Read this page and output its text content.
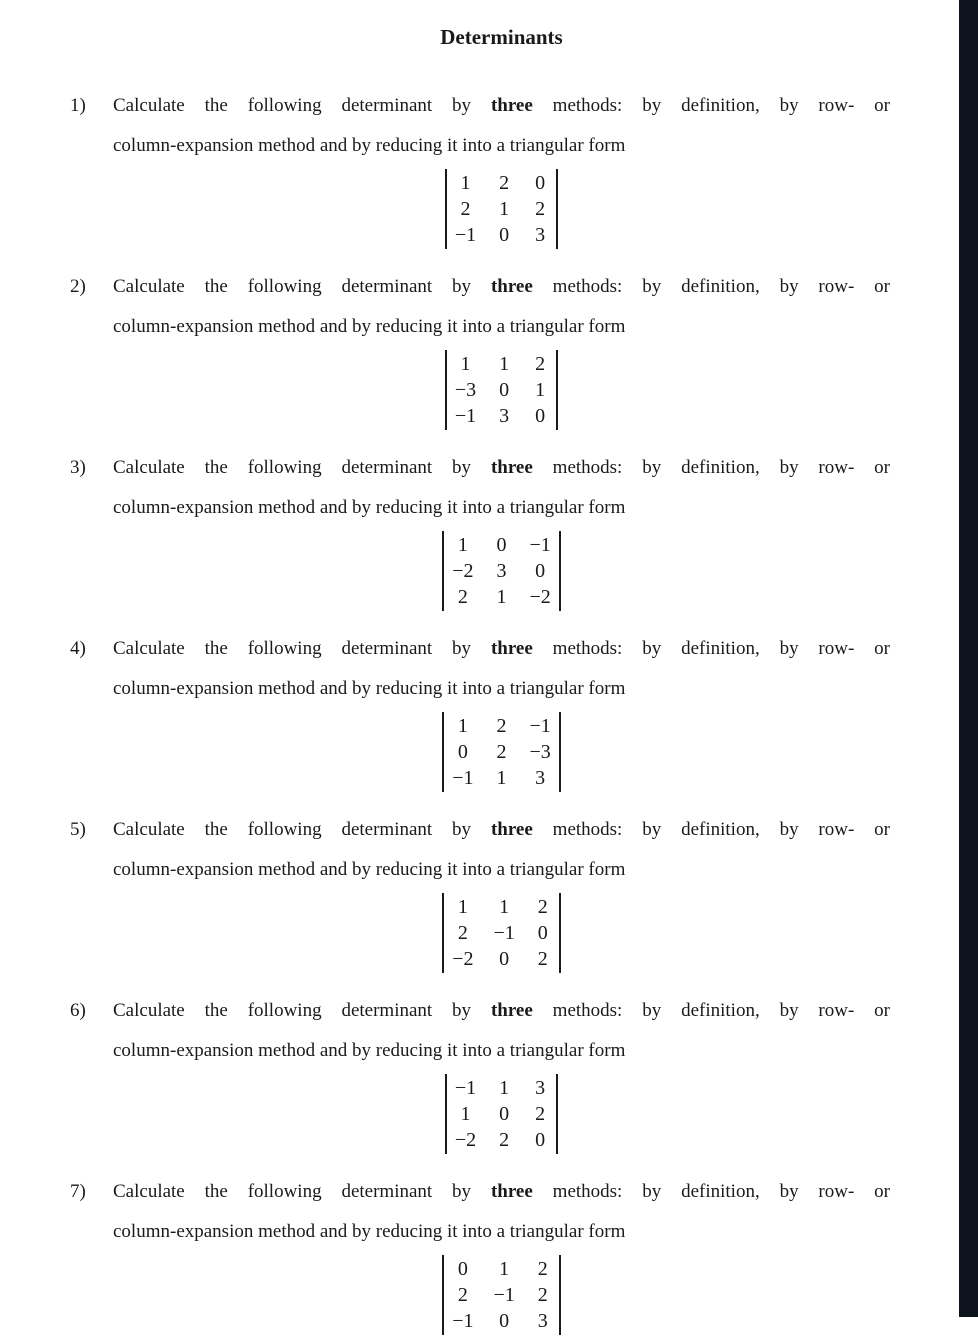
Determinants
1)	Calculate the following determinant by three methods: by definition, by row- or
column-expansion method and by reducing it into a triangular form
1 2 0
2 1 2
−1 0 3
2)	Calculate the following determinant by three methods: by definition, by row- or
column-expansion method and by reducing it into a triangular form
1 1 2
−3 0 1
−1 3 0
3)	Calculate the following determinant by three methods: by definition, by row- or
column-expansion method and by reducing it into a triangular form
1 0 −1
−2 3 0
2 1 −2
4)	Calculate the following determinant by three methods: by definition, by row- or
column-expansion method and by reducing it into a triangular form
1 2 −1
0 2 −3
−1 1 3
5)	Calculate the following determinant by three methods: by definition, by row- or
column-expansion method and by reducing it into a triangular form
1 1 2
2 −1 0
−2 0 2
6)	Calculate the following determinant by three methods: by definition, by row- or
column-expansion method and by reducing it into a triangular form
−1 1 3
1 0 2
−2 2 0
7)	Calculate the following determinant by three methods: by definition, by row- or
column-expansion method and by reducing it into a triangular form
0 1 2
2 −1 2
−1 0 3
